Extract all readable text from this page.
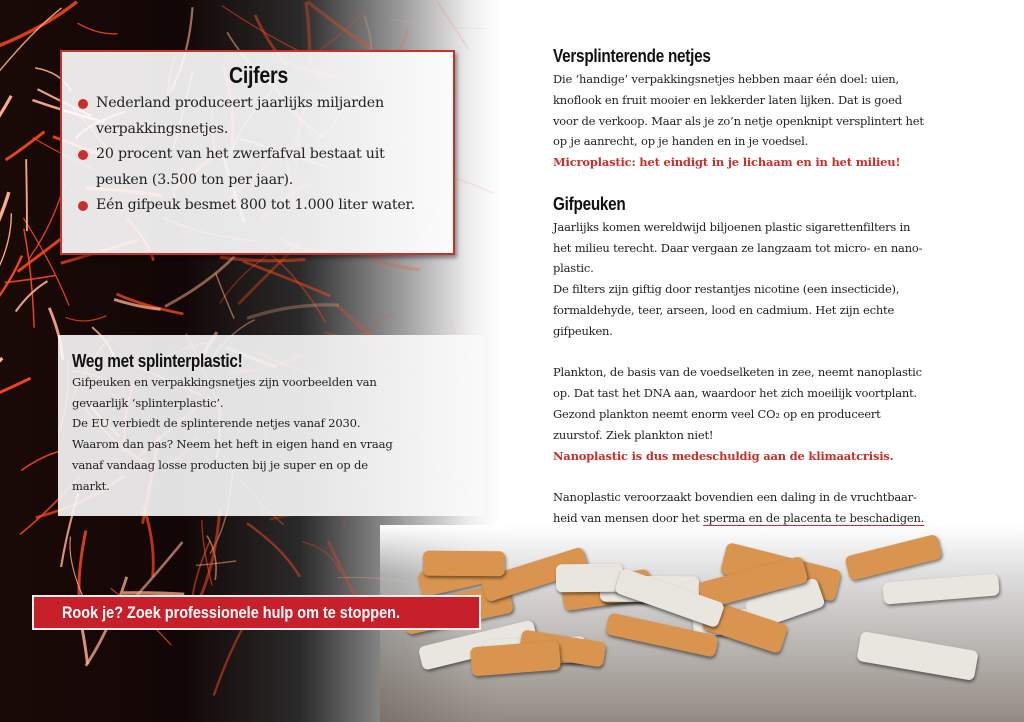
Cijfers
Nederland produceert jaarlijks miljarden verpakkingsnetjes.
20 procent van het zwerfafval bestaat uit peuken (3.500 ton per jaar).
Eén gifpeuk besmet 800 tot 1.000 liter water.
Weg met splinterplastic!

Gifpeuken en verpakkingsnetjes zijn voorbeelden van

gevaarlijk ‘splinterplastic’.

De EU verbiedt de splinterende netjes vanaf 2030.

Waarom dan pas? Neem het heft in eigen hand en vraag

vanaf vandaag losse producten bij je super en op de

markt.

Rook je? Zoek professionele hulp om te stoppen.
Versplinterende netjes

Die ‘handige’ verpakkingsnetjes hebben maar één doel: uien,

knoflook en fruit mooier en lekkerder laten lijken. Dat is goed

voor de verkoop. Maar als je zo’n netje openknipt versplintert het

op je aanrecht, op je handen en in je voedsel.

Microplastic: het eindigt in je lichaam en in het milieu!

Gifpeuken

Jaarlijks komen wereldwijd biljoenen plastic sigarettenfilters in

het milieu terecht. Daar vergaan ze langzaam tot micro- en nano-

plastic.

De filters zijn giftig door restantjes nicotine (een insecticide),

formaldehyde, teer, arseen, lood en cadmium. Het zijn echte

gifpeuken.

Plankton, de basis van de voedselketen in zee, neemt nanoplastic

op. Dat tast het DNA aan, waardoor het zich moeilijk voortplant.

Gezond plankton neemt enorm veel CO₂ op en produceert

zuurstof. Ziek plankton niet!

Nanoplastic is dus medeschuldig aan de klimaatcrisis.

Nanoplastic veroorzaakt bovendien een daling in de vruchtbaar-

heid van mensen door het sperma en de placenta te beschadigen.
